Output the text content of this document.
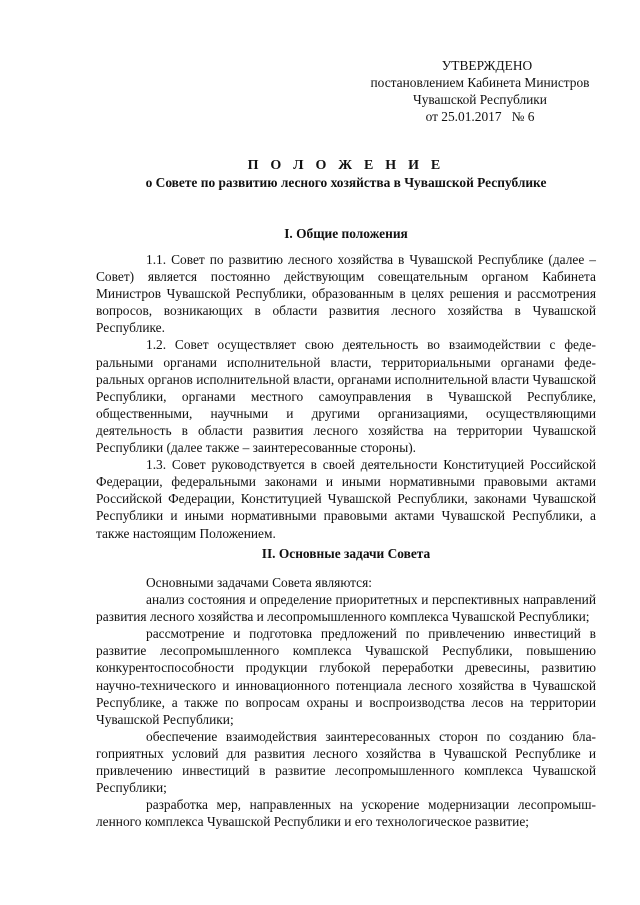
УТВЕРЖДЕНО
постановлением Кабинета Министров
Чувашской Республики
от 25.01.2017   № 6
П О Л О Ж Е Н И Е
о Совете по развитию лесного хозяйства в Чувашской Республике
I. Общие положения

1.1. Совет по развитию лесного хозяйства в Чувашской Республике (далее – Совет) является постоянно действующим совещательным органом Кабинета Министров Чувашской Республики, образованным в целях решения и рассмотрения вопросов, возникающих в области развития лесного хозяйства в Чувашской Республике.

1.2. Совет осуществляет свою деятельность во взаимодействии с федеральными органами исполнительной власти, территориальными органами федеральных органов исполнительной власти, органами исполнительной власти Чувашской Республики, органами местного самоуправления в Чувашской Республике, общественными, научными и другими организациями, осуществляющими деятельность в области развития лесного хозяйства на территории Чувашской Республики (далее также – заинтересованные стороны).

1.3. Совет руководствуется в своей деятельности Конституцией Российской Федерации, федеральными законами и иными нормативными правовыми актами Российской Федерации, Конституцией Чувашской Республики, законами Чувашской Республики и иными нормативными правовыми актами Чувашской Республики, а также настоящим Положением.

II. Основные задачи Совета

Основными задачами Совета являются:

анализ состояния и определение приоритетных и перспективных направлений развития лесного хозяйства и лесопромышленного комплекса Чувашской Республики;

рассмотрение и подготовка предложений по привлечению инвестиций в развитие лесопромышленного комплекса Чувашской Республики, повышению конкурентоспособности продукции глубокой переработки древесины, развитию научно-технического и инновационного потенциала лесного хозяйства в Чувашской Республике, а также по вопросам охраны и воспроизводства лесов на территории Чувашской Республики;

обеспечение взаимодействия заинтересованных сторон по созданию благоприятных условий для развития лесного хозяйства в Чувашской Республике и привлечению инвестиций в развитие лесопромышленного комплекса Чувашской Республики;

разработка мер, направленных на ускорение модернизации лесопромышленного комплекса Чувашской Республики и его технологическое развитие;
